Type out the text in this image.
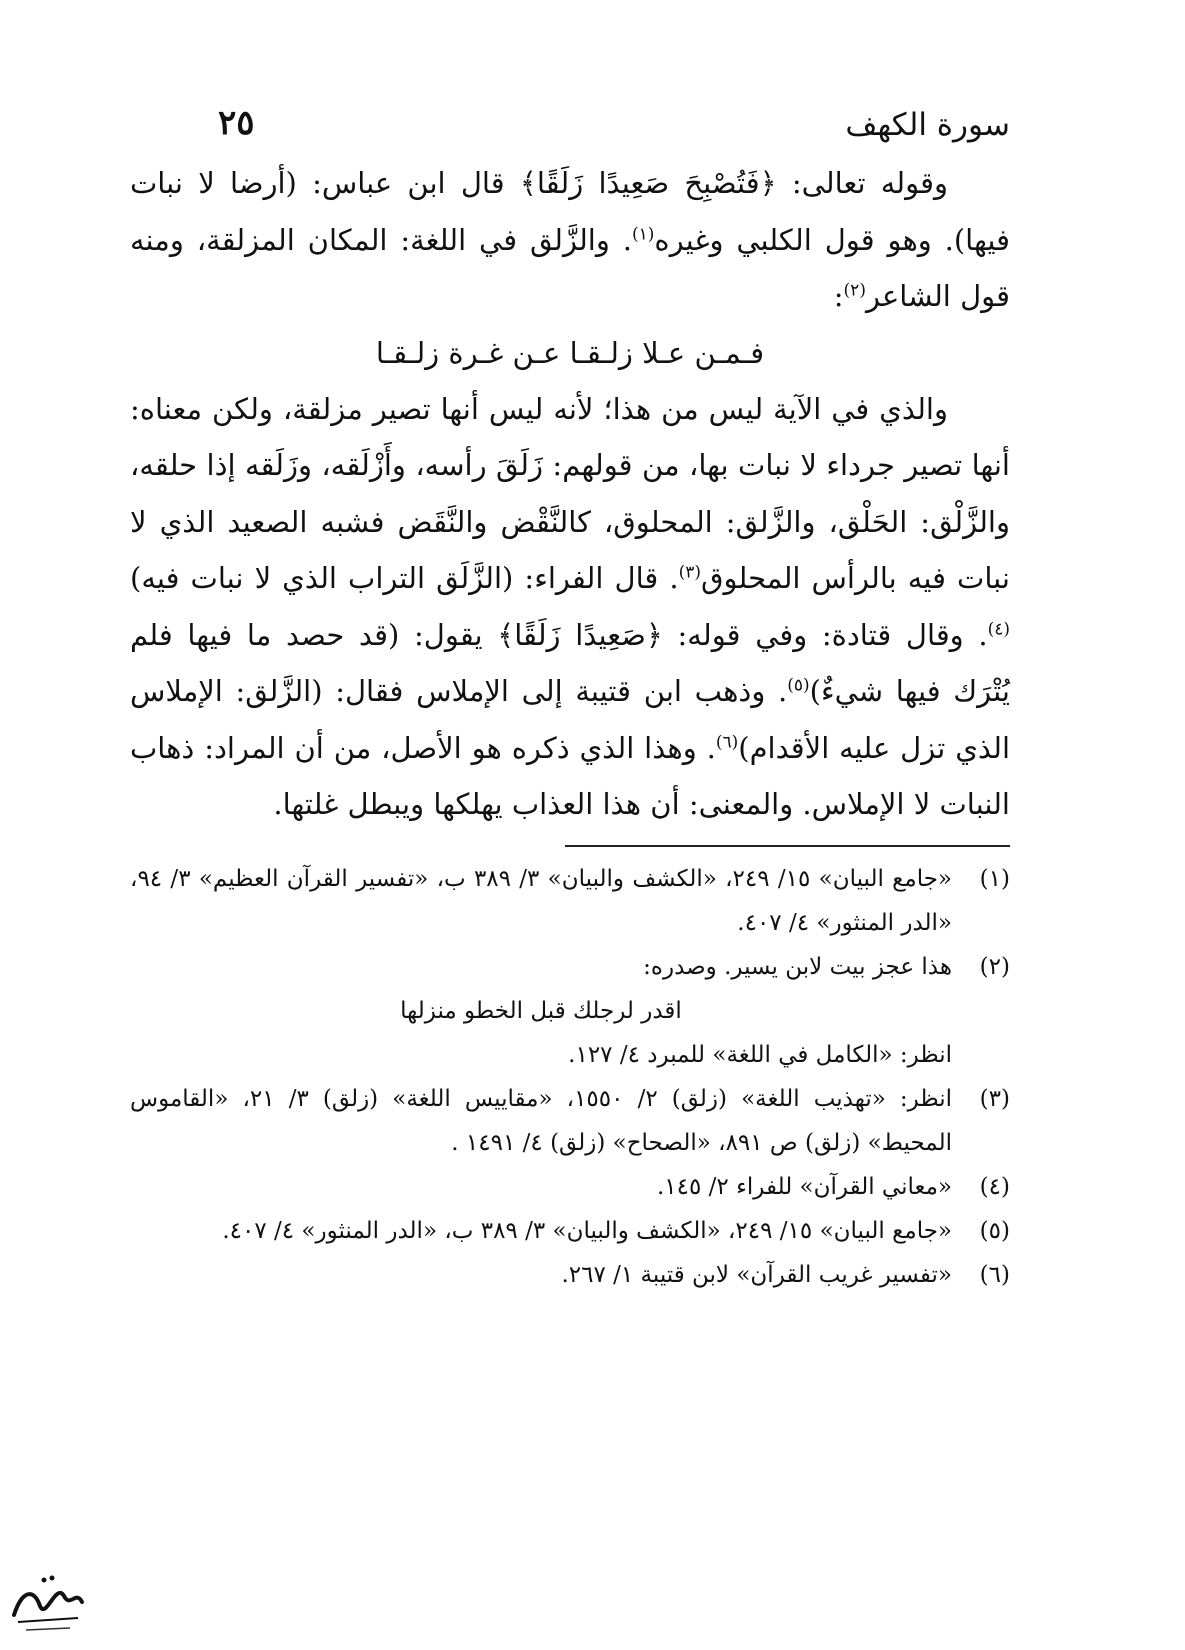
سورة الكهف
٢٥

وقوله تعالى: ﴿فَتُصْبِحَ صَعِيدًا زَلَقًا﴾ قال ابن عباس: (أرضا لا نبات فيها). وهو قول الكلبي وغيره$^{(١)}$. والزَّلق في اللغة: المكان المزلقة، ومنه قول الشاعر$^{(٢)}$:

فـمـن عـلا زلـقـا عـن غـرة زلـقـا

والذي في الآية ليس من هذا؛ لأنه ليس أنها تصير مزلقة، ولكن معناه: أنها تصير جرداء لا نبات بها، من قولهم: زَلَقَ رأسه، وأَزْلَقه، وزَلَقه إذا حلقه، والزَّلْق: الحَلْق، والزَّلق: المحلوق، كالنَّقْض والنَّقَض فشبه الصعيد الذي لا نبات فيه بالرأس المحلوق$^{(٣)}$. قال الفراء: (الزَّلَق التراب الذي لا نبات فيه)$^{(٤)}$. وقال قتادة: وفي قوله: ﴿صَعِيدًا زَلَقًا﴾ يقول: (قد حصد ما فيها فلم يُتْرَك فيها شيءٌ)$^{(٥)}$. وذهب ابن قتيبة إلى الإملاس فقال: (الزَّلق: الإملاس الذي تزل عليه الأقدام)$^{(٦)}$. وهذا الذي ذكره هو الأصل، من أن المراد: ذهاب النبات لا الإملاس. والمعنى: أن هذا العذاب يهلكها ويبطل غلتها.

(١)
«جامع البيان» ١٥/ ٢٤٩، «الكشف والبيان» ٣/ ٣٨٩ ب، «تفسير القرآن العظيم» ٣/ ٩٤، «الدر المنثور» ٤/ ٤٠٧.
(٢)
هذا عجز بيت لابن يسير. وصدره:
اقدر لرجلك قبل الخطو منزلها
انظر: «الكامل في اللغة» للمبرد ٤/ ١٢٧.
(٣)
انظر: «تهذيب اللغة» (زلق) ٢/ ١٥٥٠، «مقاييس اللغة» (زلق) ٣/ ٢١، «القاموس المحيط» (زلق) ص ٨٩١، «الصحاح» (زلق) ٤/ ١٤٩١ .
(٤)
«معاني القرآن» للفراء ٢/ ١٤٥.
(٥)
«جامع البيان» ١٥/ ٢٤٩، «الكشف والبيان» ٣/ ٣٨٩ ب، «الدر المنثور» ٤/ ٤٠٧.
(٦)
«تفسير غريب القرآن» لابن قتيبة ١/ ٢٦٧.
